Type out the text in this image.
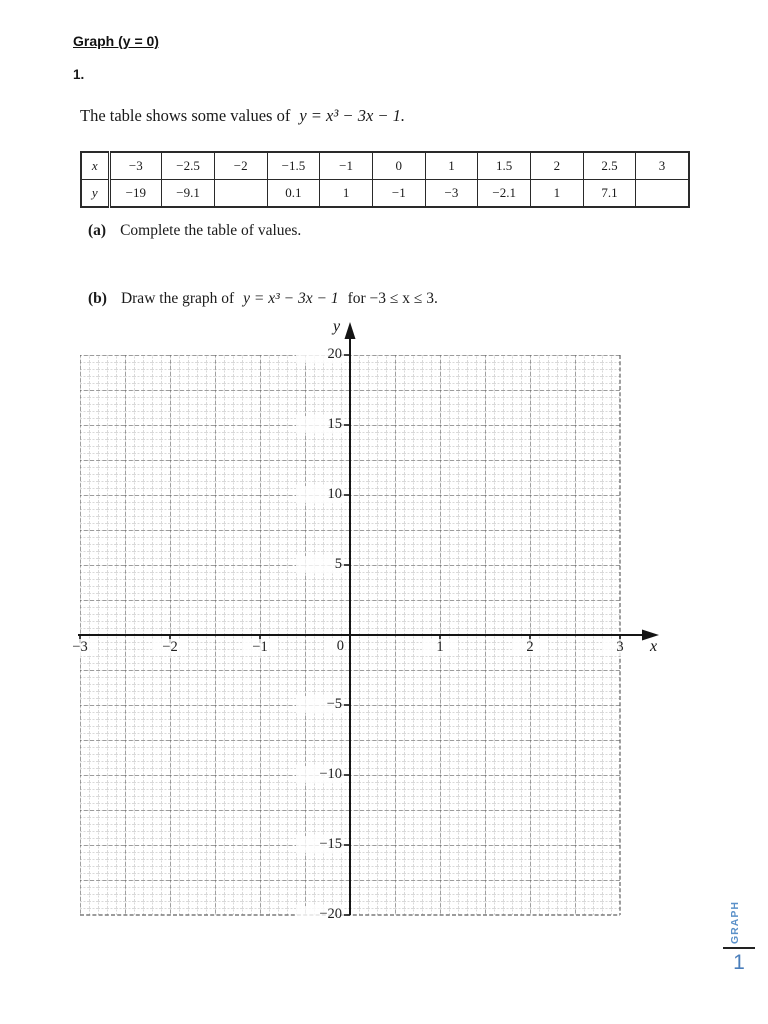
Graph (y = 0)
1.
The table shows some values of y = x³ − 3x − 1.
x	−3	−2.5	−2	−1.5	−1	0	1	1.5	2	2.5	3
y	−19	−9.1		0.1	1	−1	−3	−2.1	1	7.1	
(a) Complete the table of values.
(b) Draw the graph of y = x³ − 3x − 1 for −3 ≤ x ≤ 3.
y
x
0
−3	−2	−1	1	2	3
20
15
10
5
−5
−10
−15
−20	GRAPH
1
